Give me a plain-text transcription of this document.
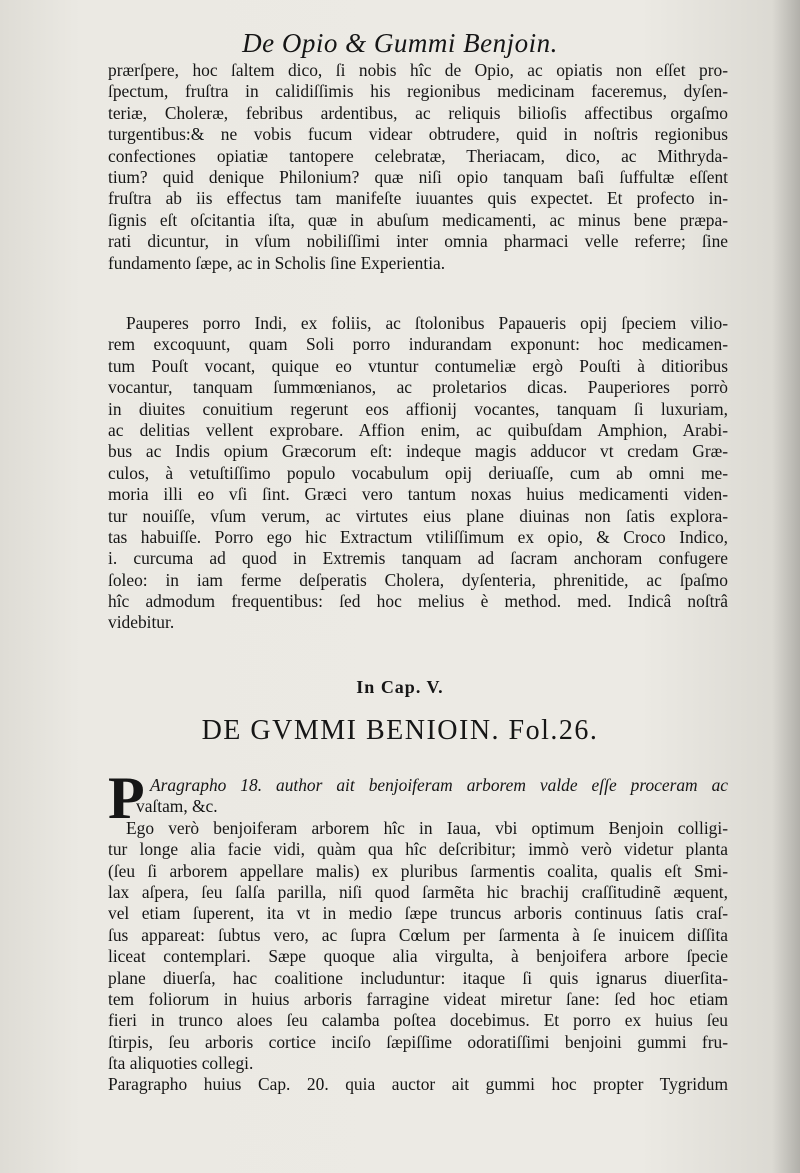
De Opio & Gummi Benjoin.
prærſpere, hoc ſaltem dico, ſi nobis hîc de Opio, ac opiatis non eſſet pro-
ſpectum, fruſtra in calidiſſimis his regionibus medicinam faceremus, dyſen-
teriæ, Choleræ, febribus ardentibus, ac reliquis bilioſis affectibus orgaſmo
turgentibus:& ne vobis fucum videar obtrudere, quid in noſtris regionibus
confectiones opiatiæ tantopere celebratæ, Theriacam, dico, ac Mithryda-
tium? quid denique Philonium? quæ niſi opio tanquam baſi ſuffultæ eſſent
fruſtra ab iis effectus tam manifeſte iuuantes quis expectet. Et profecto in-
ſignis eſt oſcitantia iſta, quæ in abuſum medicamenti, ac minus bene præpa-
rati dicuntur, in vſum nobiliſſimi inter omnia pharmaci velle referre; ſine
fundamento ſæpe, ac in Scholis ſine Experientia.
Pauperes porro Indi, ex foliis, ac ſtolonibus Papaueris opij ſpeciem vilio-
rem excoquunt, quam Soli porro indurandam exponunt: hoc medicamen-
tum Pouſt vocant, quique eo vtuntur contumeliæ ergò Pouſti à ditioribus
vocantur, tanquam ſummœnianos, ac proletarios dicas. Pauperiores porrò
in diuites conuitium regerunt eos affionij vocantes, tanquam ſi luxuriam,
ac delitias vellent exprobare. Affion enim, ac quibuſdam Amphion, Arabi-
bus ac Indis opium Græcorum eſt: indeque magis adducor vt credam Græ-
culos, à vetuſtiſſimo populo vocabulum opij deriuaſſe, cum ab omni me-
moria illi eo vſi ſint. Græci vero tantum noxas huius medicamenti viden-
tur nouiſſe, vſum verum, ac virtutes eius plane diuinas non ſatis explora-
tas habuiſſe. Porro ego hic Extractum vtiliſſimum ex opio, & Croco Indico,
i. curcuma ad quod in Extremis tanquam ad ſacram anchoram confugere
ſoleo: in iam ferme deſperatis Cholera, dyſenteria, phrenitide, ac ſpaſmo
hîc admodum frequentibus: ſed hoc melius è method. med. Indicâ noſtrâ
videbitur.
In Cap. V.
DE GVMMI BENIOIN. Fol.26.
P Aragrapho 18. author ait benjoiferam arborem valde eſſe proceram ac
vaſtam, &c.
Ego verò benjoiferam arborem hîc in Iaua, vbi optimum Benjoin colligi-
tur longe alia facie vidi, quàm qua hîc deſcribitur; immò verò videtur planta
(ſeu ſi arborem appellare malis) ex pluribus ſarmentis coalita, qualis eſt Smi-
lax aſpera, ſeu ſalſa parilla, niſi quod ſarmẽta hic brachij craſſitudinẽ æquent,
vel etiam ſuperent, ita vt in medio ſæpe truncus arboris continuus ſatis craſ-
ſus appareat: ſubtus vero, ac ſupra Cœlum per ſarmenta à ſe inuicem diſſita
liceat contemplari. Sæpe quoque alia virgulta, à benjoifera arbore ſpecie
plane diuerſa, hac coalitione includuntur: itaque ſi quis ignarus diuerſita-
tem foliorum in huius arboris farragine videat miretur ſane: ſed hoc etiam
fieri in trunco aloes ſeu calamba poſtea docebimus. Et porro ex huius ſeu
ſtirpis, ſeu arboris cortice inciſo ſæpiſſime odoratiſſimi benjoini gummi fru-
ſta aliquoties collegi.
Paragrapho huius Cap. 20. quia auctor ait gummi hoc propter Tygridum
